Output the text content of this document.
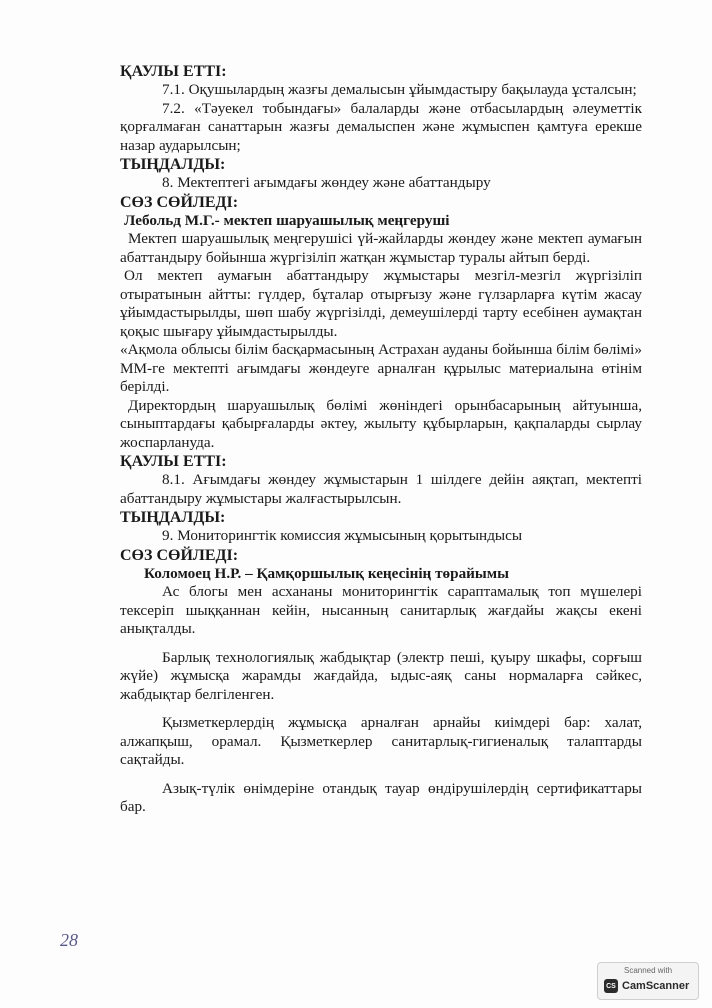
ҚАУЛЫ ЕТТІ:

7.1. Оқушылардың жазғы демалысын ұйымдастыру бақылауда ұсталсын;

7.2. «Тәуекел тобындағы» балаларды және отбасылардың әлеуметтік қорғалмаған санаттарын жазғы демалыспен және жұмыспен қамтуға ерекше назар аударылсын;

ТЫҢДАЛДЫ:

8. Мектептегі ағымдағы жөндеу және абаттандыру

СӨЗ СӨЙЛЕДІ:

Лебольд М.Г.- мектеп шаруашылық меңгеруші

Мектеп шаруашылық меңгерушісі үй-жайларды жөндеу және мектеп аумағын абаттандыру бойынша жүргізіліп жатқан жұмыстар туралы айтып берді.

Ол мектеп аумағын абаттандыру жұмыстары мезгіл-мезгіл жүргізіліп отыратынын айтты: гүлдер, бұталар отырғызу және гүлзарларға күтім жасау ұйымдастырылды, шөп шабу жүргізілді, демеушілерді тарту есебінен аумақтан қоқыс шығару ұйымдастырылды.

«Ақмола облысы білім басқармасының Астрахан ауданы бойынша білім бөлімі» ММ-ге мектепті ағымдағы жөндеуге арналған құрылыс материалына өтінім берілді.

Директордың шаруашылық бөлімі жөніндегі орынбасарының айтуынша, сыныптардағы қабырғаларды әктеу, жылыту құбырларын, қақпаларды сырлау жоспарлануда.

ҚАУЛЫ ЕТТІ:

8.1. Ағымдағы жөндеу жұмыстарын 1 шілдеге дейін аяқтап, мектепті абаттандыру жұмыстары жалғастырылсын.

ТЫҢДАЛДЫ:

9. Мониторингтік комиссия жұмысының қорытындысы

СӨЗ СӨЙЛЕДІ:

Коломоец Н.Р. – Қамқоршылық кеңесінің төрайымы

Ас блогы мен асхананы мониторингтік сараптамалық топ мүшелері тексеріп шыққаннан кейін, нысанның санитарлық жағдайы жақсы екені анықталды.

Барлық технологиялық жабдықтар (электр пеші, қуыру шкафы, сорғыш жүйе) жұмысқа жарамды жағдайда, ыдыс-аяқ саны нормаларға сәйкес, жабдықтар белгіленген.

Қызметкерлердің жұмысқа арналған арнайы киімдері бар: халат, алжапқыш, орамал. Қызметкерлер санитарлық-гигиеналық талаптарды сақтайды.

Азық-түлік өнімдеріне отандық тауар өндірушілердің сертификаттары бар.

28
Scanned with
CS CamScanner
